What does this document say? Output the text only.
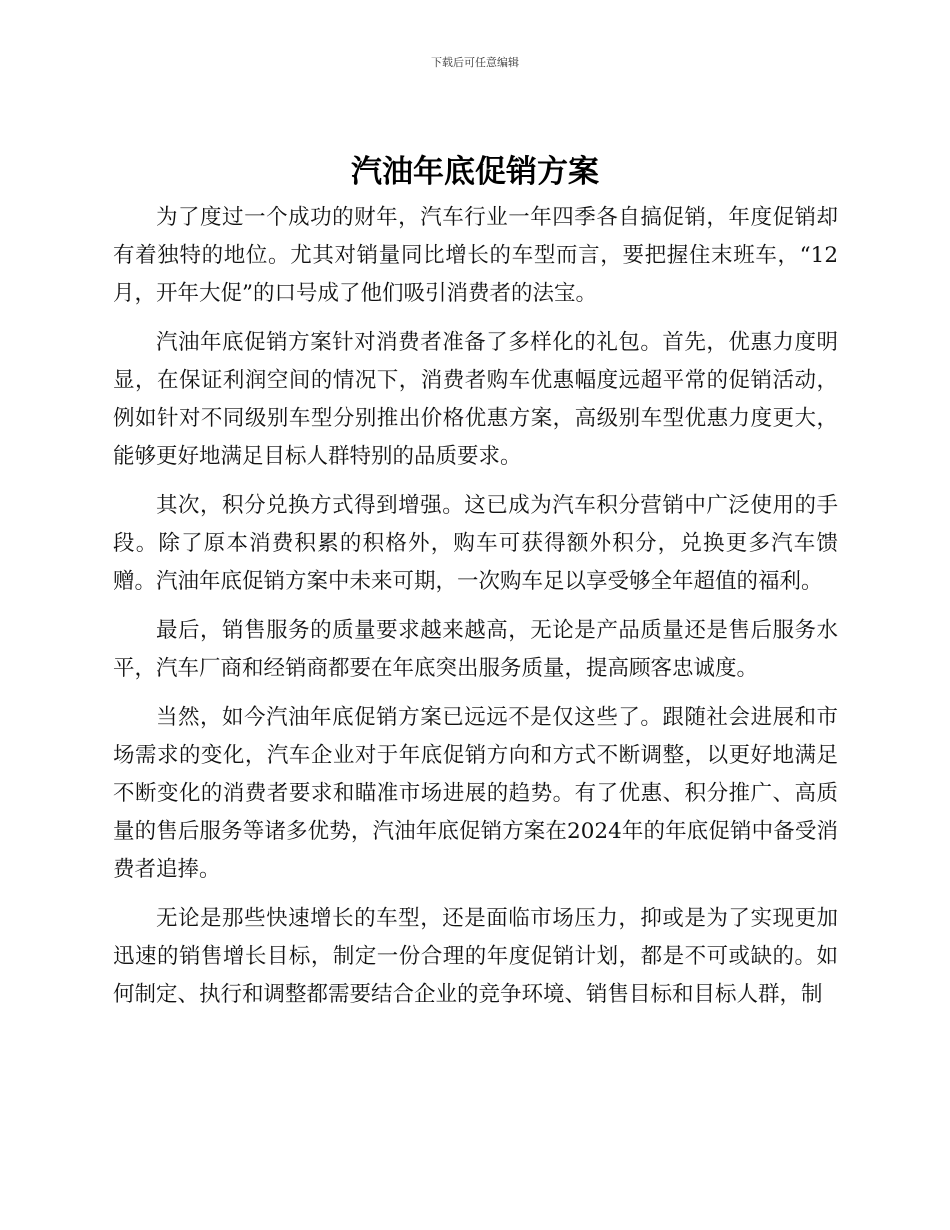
下载后可任意编辑
汽油年底促销方案

为了度过一个成功的财年，汽车行业一年四季各自搞促销，年度促销却有着独特的地位。尤其对销量同比增长的车型而言，要把握住末班车，“12月，开年大促”的口号成了他们吸引消费者的法宝。

汽油年底促销方案针对消费者准备了多样化的礼包。首先，优惠力度明显，在保证利润空间的情况下，消费者购车优惠幅度远超平常的促销活动，例如针对不同级别车型分别推出价格优惠方案，高级别车型优惠力度更大，能够更好地满足目标人群特别的品质要求。

其次，积分兑换方式得到增强。这已成为汽车积分营销中广泛使用的手段。除了原本消费积累的积格外，购车可获得额外积分，兑换更多汽车馈赠。汽油年底促销方案中未来可期，一次购车足以享受够全年超值的福利。

最后，销售服务的质量要求越来越高，无论是产品质量还是售后服务水平，汽车厂商和经销商都要在年底突出服务质量，提高顾客忠诚度。

当然，如今汽油年底促销方案已远远不是仅这些了。跟随社会进展和市场需求的变化，汽车企业对于年底促销方向和方式不断调整，以更好地满足不断变化的消费者要求和瞄准市场进展的趋势。有了优惠、积分推广、高质量的售后服务等诸多优势，汽油年底促销方案在2024年的年底促销中备受消费者追捧。

无论是那些快速增长的车型，还是面临市场压力，抑或是为了实现更加迅速的销售增长目标，制定一份合理的年度促销计划，都是不可或缺的。如何制定、执行和调整都需要结合企业的竞争环境、销售目标和目标人群，制
